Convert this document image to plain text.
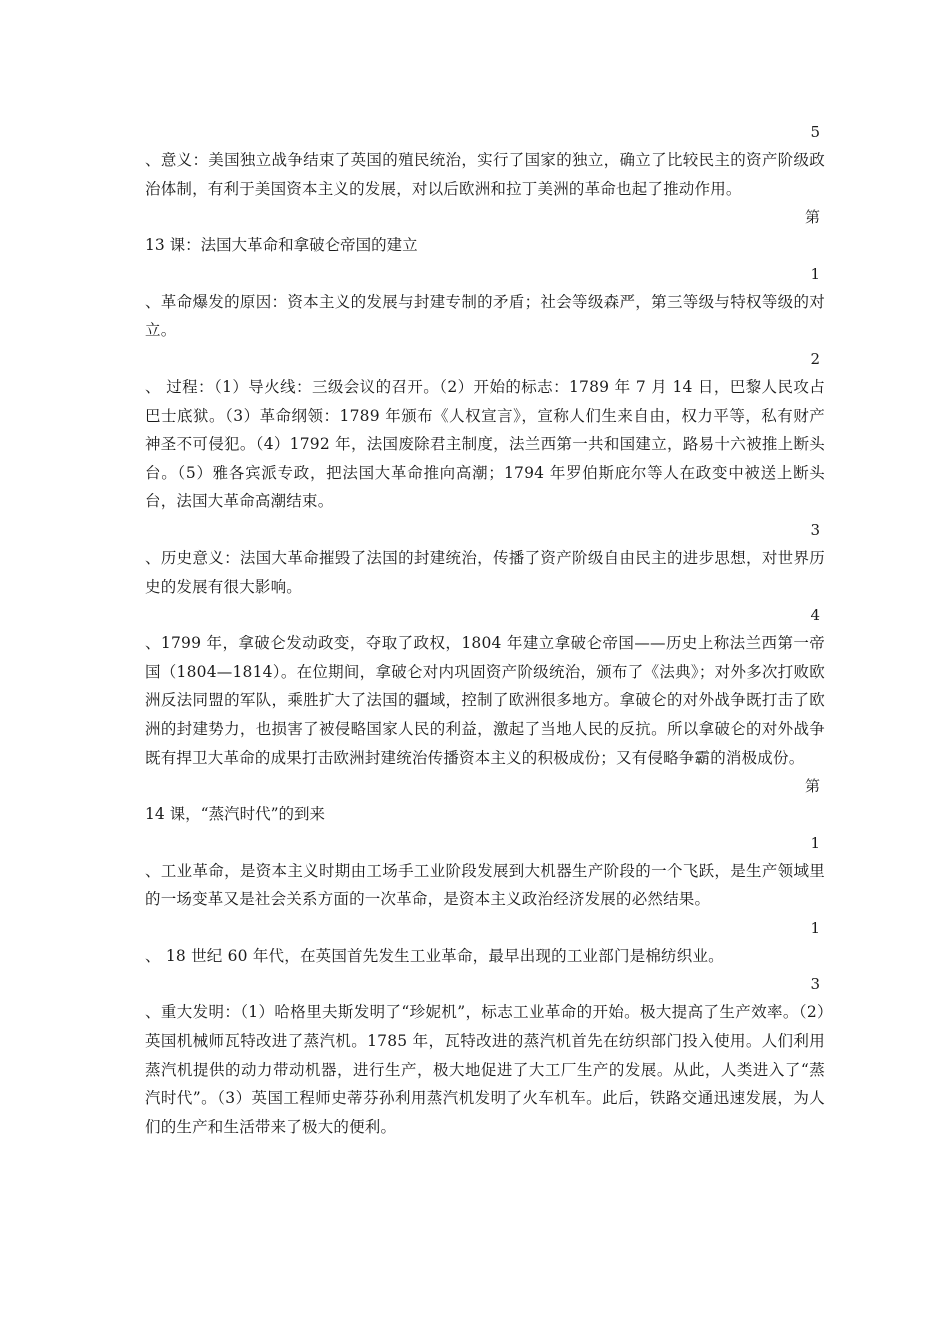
5
、意义：美国独立战争结束了英国的殖民统治，实行了国家的独立，确立了比较民主的资产阶级政治体制，有利于美国资本主义的发展，对以后欧洲和拉丁美洲的革命也起了推动作用。
第
13 课：法国大革命和拿破仑帝国的建立
1
、革命爆发的原因：资本主义的发展与封建专制的矛盾；社会等级森严，第三等级与特权等级的对立。
2
、 过程：（1）导火线：三级会议的召开。（2）开始的标志：1789 年 7 月 14 日，巴黎人民攻占巴士底狱。（3）革命纲领：1789 年颁布《人权宣言》，宣称人们生来自由，权力平等，私有财产神圣不可侵犯。（4）1792 年，法国废除君主制度，法兰西第一共和国建立，路易十六被推上断头台。（5）雅各宾派专政，把法国大革命推向高潮；1794 年罗伯斯庇尔等人在政变中被送上断头台，法国大革命高潮结束。
3
、历史意义：法国大革命摧毁了法国的封建统治，传播了资产阶级自由民主的进步思想，对世界历史的发展有很大影响。
4
、1799 年，拿破仑发动政变，夺取了政权，1804 年建立拿破仑帝国——历史上称法兰西第一帝国（1804—1814）。在位期间，拿破仑对内巩固资产阶级统治，颁布了《法典》；对外多次打败欧洲反法同盟的军队，乘胜扩大了法国的疆域，控制了欧洲很多地方。拿破仑的对外战争既打击了欧洲的封建势力，也损害了被侵略国家人民的利益，激起了当地人民的反抗。所以拿破仑的对外战争既有捍卫大革命的成果打击欧洲封建统治传播资本主义的积极成份；又有侵略争霸的消极成份。
第
14 课，“蒸汽时代”的到来
1
、工业革命，是资本主义时期由工场手工业阶段发展到大机器生产阶段的一个飞跃，是生产领域里的一场变革又是社会关系方面的一次革命，是资本主义政治经济发展的必然结果。
1
、 18 世纪 60 年代，在英国首先发生工业革命，最早出现的工业部门是棉纺织业。
3
、重大发明：（1）哈格里夫斯发明了“珍妮机”，标志工业革命的开始。极大提高了生产效率。（2）英国机械师瓦特改进了蒸汽机。1785 年，瓦特改进的蒸汽机首先在纺织部门投入使用。人们利用蒸汽机提供的动力带动机器，进行生产，极大地促进了大工厂生产的发展。从此，人类进入了“蒸汽时代”。（3）英国工程师史蒂芬孙利用蒸汽机发明了火车机车。此后，铁路交通迅速发展，为人们的生产和生活带来了极大的便利。
